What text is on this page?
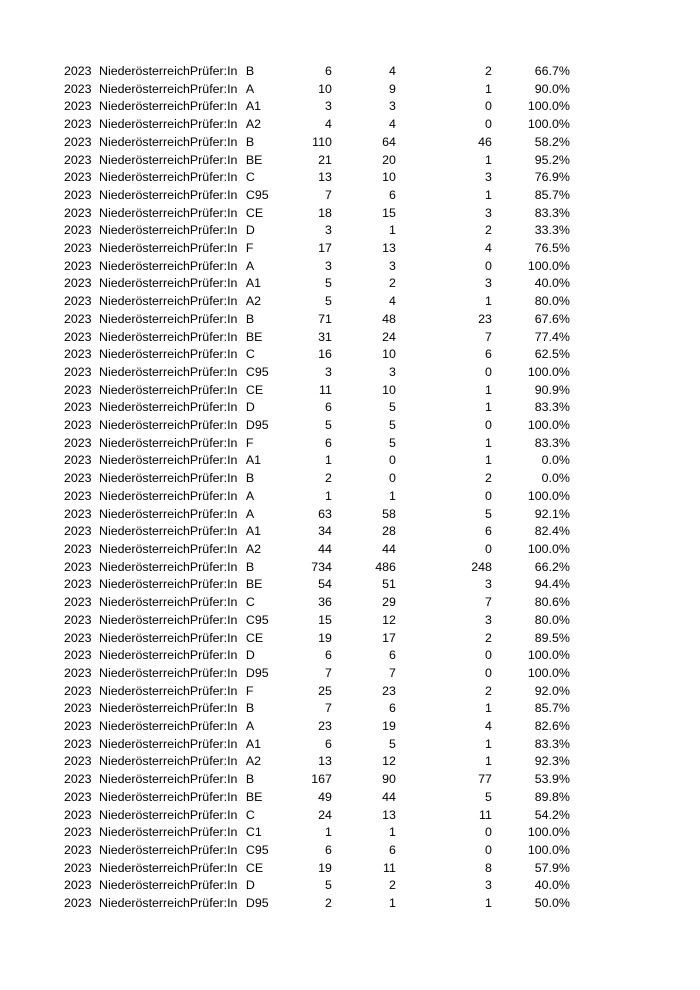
2023	Niederösterreich	Prüfer:In	B	6	4	2	66.7%
2023	Niederösterreich	Prüfer:In	A	10	9	1	90.0%
2023	Niederösterreich	Prüfer:In	A1	3	3	0	100.0%
2023	Niederösterreich	Prüfer:In	A2	4	4	0	100.0%
2023	Niederösterreich	Prüfer:In	B	110	64	46	58.2%
2023	Niederösterreich	Prüfer:In	BE	21	20	1	95.2%
2023	Niederösterreich	Prüfer:In	C	13	10	3	76.9%
2023	Niederösterreich	Prüfer:In	C95	7	6	1	85.7%
2023	Niederösterreich	Prüfer:In	CE	18	15	3	83.3%
2023	Niederösterreich	Prüfer:In	D	3	1	2	33.3%
2023	Niederösterreich	Prüfer:In	F	17	13	4	76.5%
2023	Niederösterreich	Prüfer:In	A	3	3	0	100.0%
2023	Niederösterreich	Prüfer:In	A1	5	2	3	40.0%
2023	Niederösterreich	Prüfer:In	A2	5	4	1	80.0%
2023	Niederösterreich	Prüfer:In	B	71	48	23	67.6%
2023	Niederösterreich	Prüfer:In	BE	31	24	7	77.4%
2023	Niederösterreich	Prüfer:In	C	16	10	6	62.5%
2023	Niederösterreich	Prüfer:In	C95	3	3	0	100.0%
2023	Niederösterreich	Prüfer:In	CE	11	10	1	90.9%
2023	Niederösterreich	Prüfer:In	D	6	5	1	83.3%
2023	Niederösterreich	Prüfer:In	D95	5	5	0	100.0%
2023	Niederösterreich	Prüfer:In	F	6	5	1	83.3%
2023	Niederösterreich	Prüfer:In	A1	1	0	1	0.0%
2023	Niederösterreich	Prüfer:In	B	2	0	2	0.0%
2023	Niederösterreich	Prüfer:In	A	1	1	0	100.0%
2023	Niederösterreich	Prüfer:In	A	63	58	5	92.1%
2023	Niederösterreich	Prüfer:In	A1	34	28	6	82.4%
2023	Niederösterreich	Prüfer:In	A2	44	44	0	100.0%
2023	Niederösterreich	Prüfer:In	B	734	486	248	66.2%
2023	Niederösterreich	Prüfer:In	BE	54	51	3	94.4%
2023	Niederösterreich	Prüfer:In	C	36	29	7	80.6%
2023	Niederösterreich	Prüfer:In	C95	15	12	3	80.0%
2023	Niederösterreich	Prüfer:In	CE	19	17	2	89.5%
2023	Niederösterreich	Prüfer:In	D	6	6	0	100.0%
2023	Niederösterreich	Prüfer:In	D95	7	7	0	100.0%
2023	Niederösterreich	Prüfer:In	F	25	23	2	92.0%
2023	Niederösterreich	Prüfer:In	B	7	6	1	85.7%
2023	Niederösterreich	Prüfer:In	A	23	19	4	82.6%
2023	Niederösterreich	Prüfer:In	A1	6	5	1	83.3%
2023	Niederösterreich	Prüfer:In	A2	13	12	1	92.3%
2023	Niederösterreich	Prüfer:In	B	167	90	77	53.9%
2023	Niederösterreich	Prüfer:In	BE	49	44	5	89.8%
2023	Niederösterreich	Prüfer:In	C	24	13	11	54.2%
2023	Niederösterreich	Prüfer:In	C1	1	1	0	100.0%
2023	Niederösterreich	Prüfer:In	C95	6	6	0	100.0%
2023	Niederösterreich	Prüfer:In	CE	19	11	8	57.9%
2023	Niederösterreich	Prüfer:In	D	5	2	3	40.0%
2023	Niederösterreich	Prüfer:In	D95	2	1	1	50.0%
